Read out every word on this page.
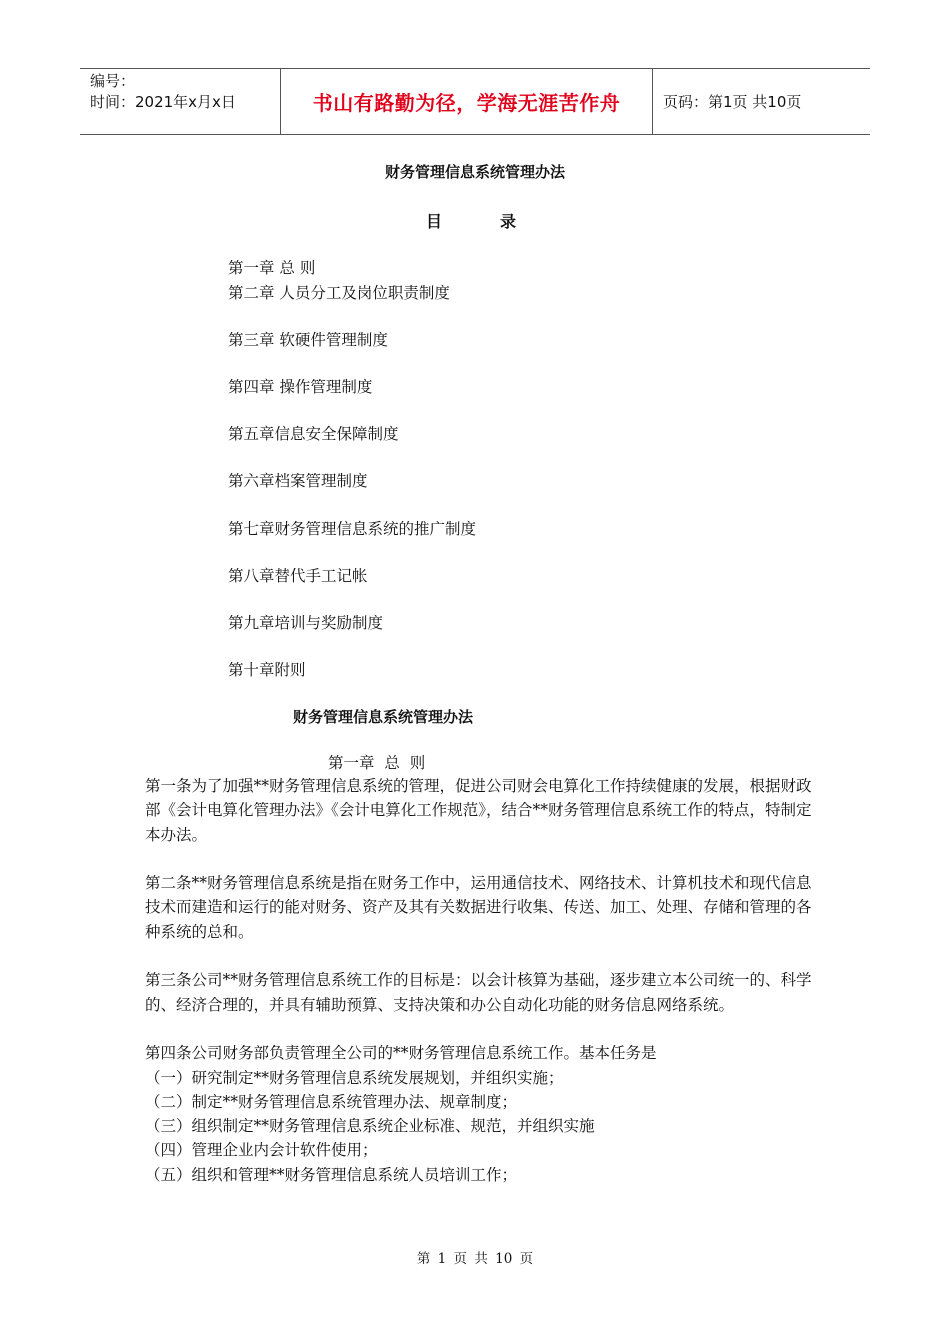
编号：
时间：2021年x月x日	书山有路勤为径，学海无涯苦作舟	页码：第1页 共10页
财务管理信息系统管理办法
目	录
第一章 总 则
第二章 人员分工及岗位职责制度
第三章 软硬件管理制度
第四章 操作管理制度
第五章信息安全保障制度
第六章档案管理制度
第七章财务管理信息系统的推广制度
第八章替代手工记帐
第九章培训与奖励制度
第十章附则
财务管理信息系统管理办法
第一章  总  则

第一条为了加强**财务管理信息系统的管理，促进公司财会电算化工作持续健康的发展，根据财政部《会计电算化管理办法》《会计电算化工作规范》，结合**财务管理信息系统工作的特点，特制定本办法。

第二条**财务管理信息系统是指在财务工作中，运用通信技术、网络技术、计算机技术和现代信息技术而建造和运行的能对财务、资产及其有关数据进行收集、传送、加工、处理、存储和管理的各种系统的总和。

第三条公司**财务管理信息系统工作的目标是：以会计核算为基础，逐步建立本公司统一的、科学的、经济合理的，并具有辅助预算、支持决策和办公自动化功能的财务信息网络系统。

第四条公司财务部负责管理全公司的**财务管理信息系统工作。基本任务是

（一）研究制定**财务管理信息系统发展规划，并组织实施；

（二）制定**财务管理信息系统管理办法、规章制度；

（三）组织制定**财务管理信息系统企业标准、规范，并组织实施

（四）管理企业内会计软件使用；

（五）组织和管理**财务管理信息系统人员培训工作；

第 1 页 共 10 页
